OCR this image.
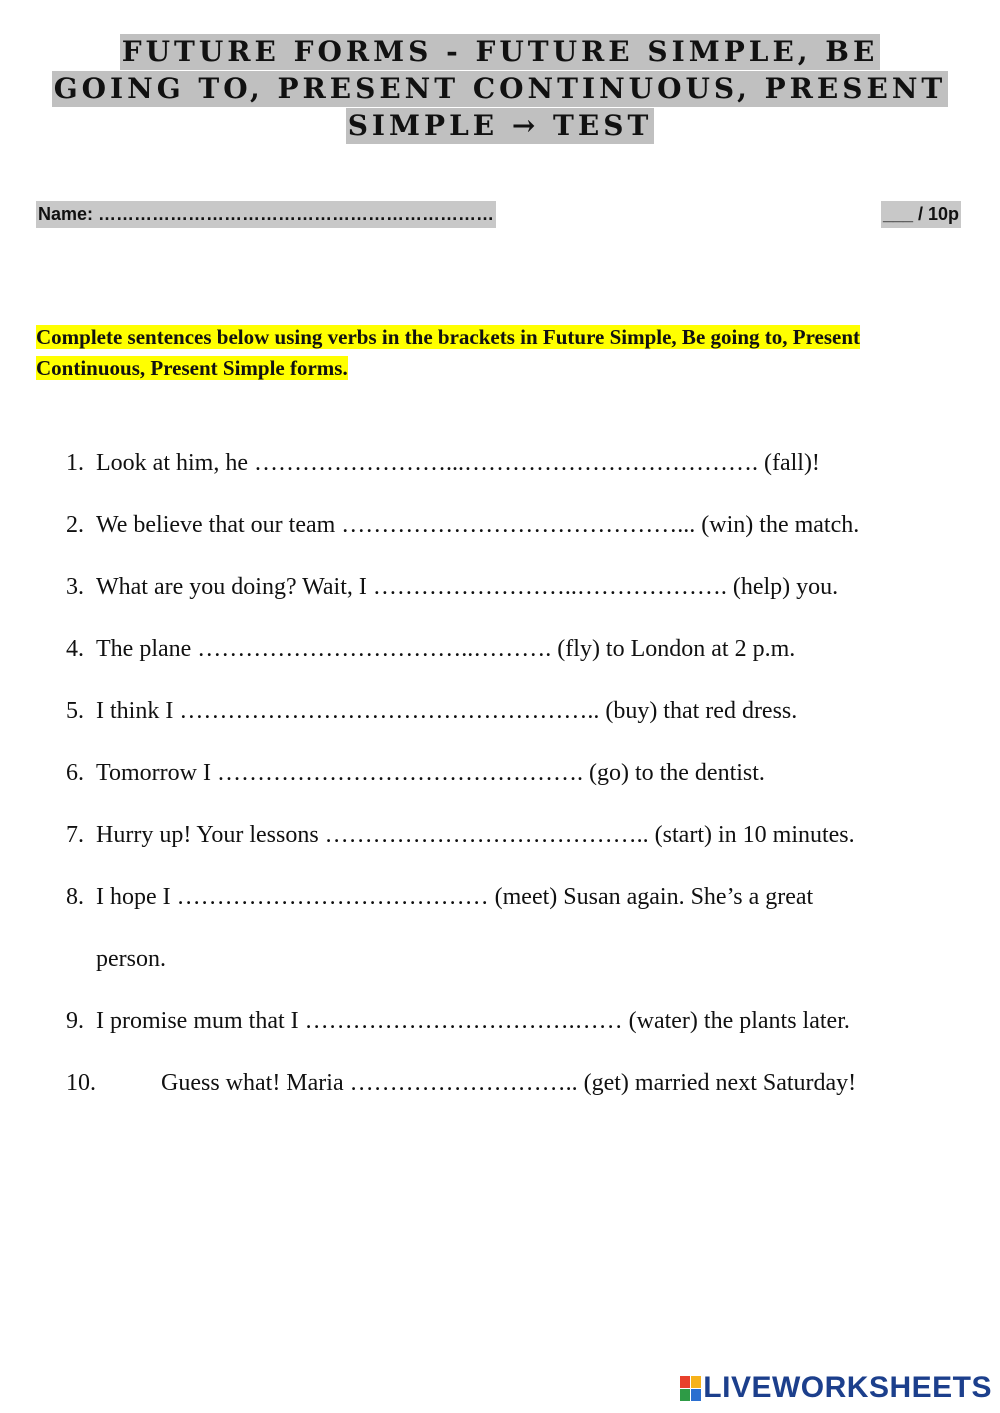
FUTURE FORMS - FUTURE SIMPLE, BE
GOING TO, PRESENT CONTINUOUS, PRESENT
SIMPLE → TEST
Name: …………………………………………………………	___ / 10p
Complete sentences below using verbs in the brackets in Future Simple, Be going to, Present Continuous, Present Simple forms.
1. Look at him, he ……………………...………………………………. (fall)!
2. We believe that our team ……………………………………... (win) the match.
3. What are you doing? Wait, I ……………………..………………. (help) you.
4. The plane ……………………………..………. (fly) to London at 2 p.m.
5. I think I …………………………………………….. (buy) that red dress.
6. Tomorrow I ………………………………………. (go) to the dentist.
7. Hurry up! Your lessons ………………………………….. (start) in 10 minutes.
8. I hope I ………………………………… (meet) Susan again. She’s a great
person.
9. I promise mum that I …………………………….…… (water) the plants later.
10.	Guess what! Maria ……………………….. (get) married next Saturday!
LIVEWORKSHEETS
